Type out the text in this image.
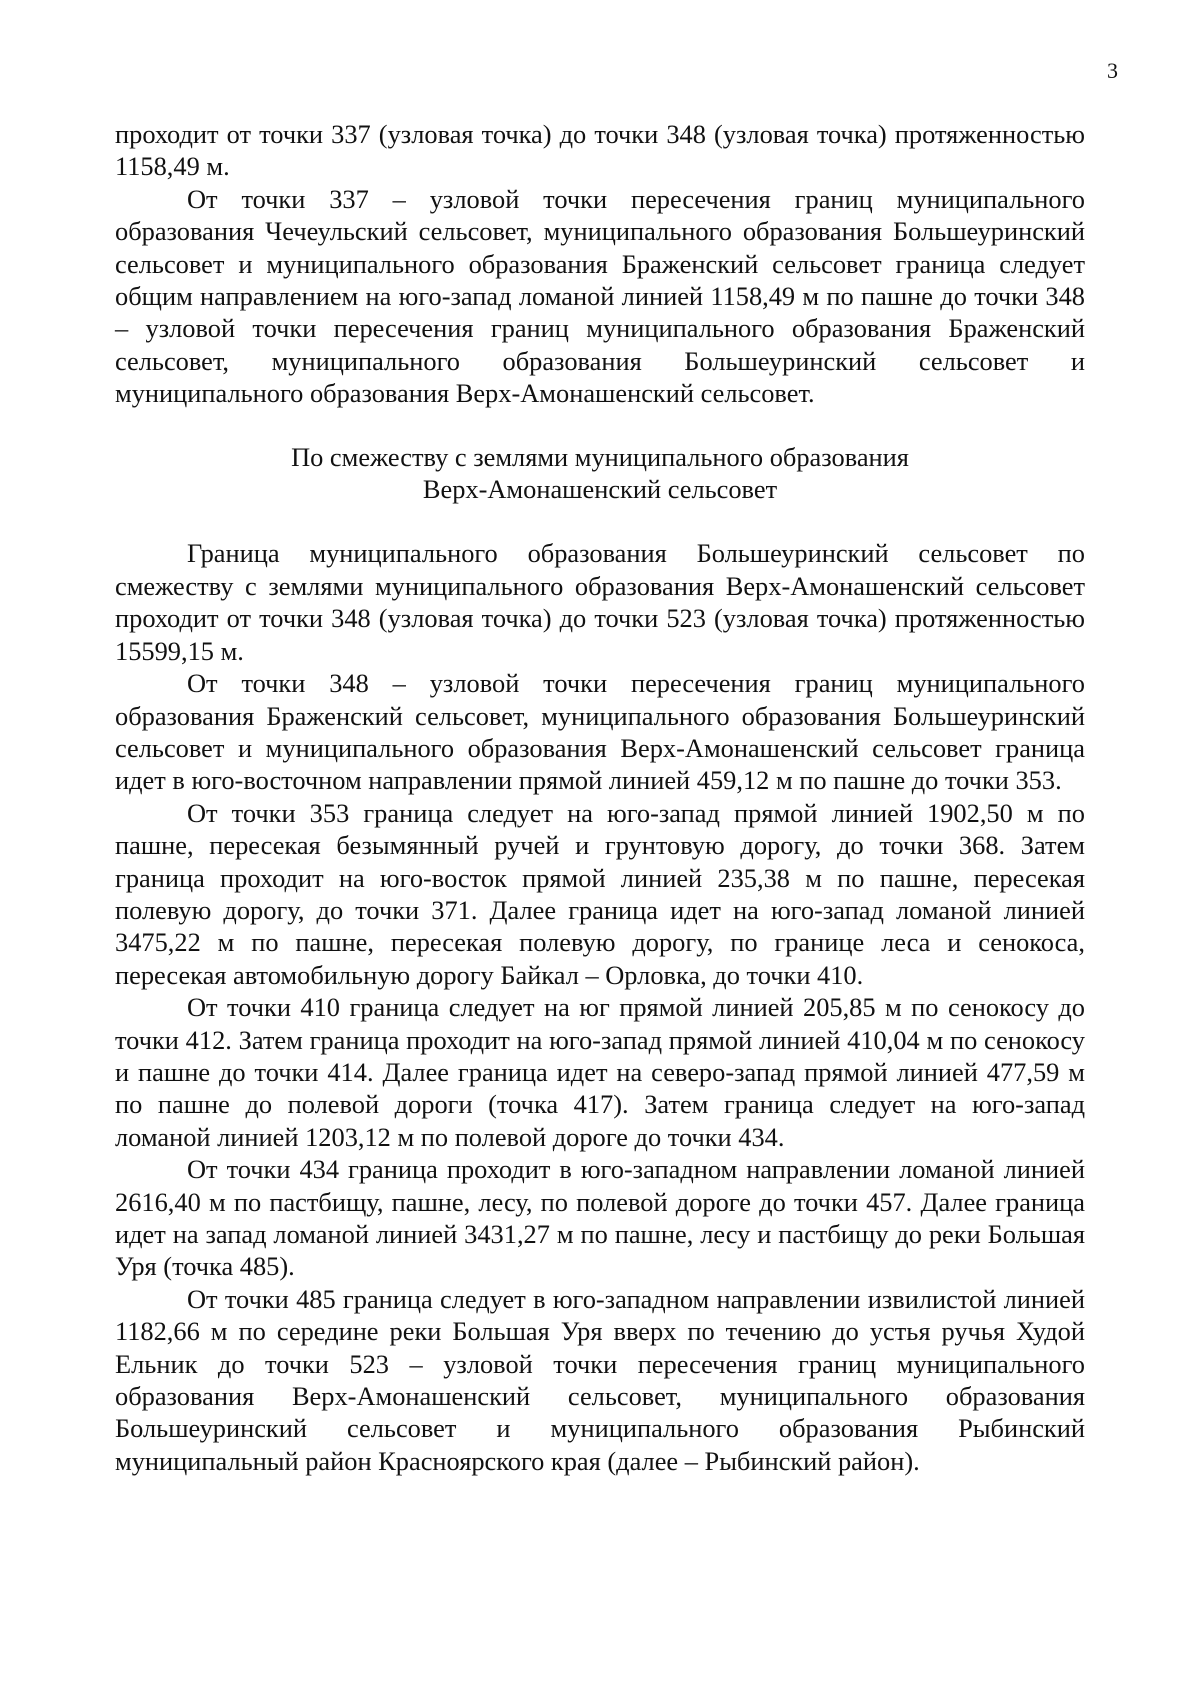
3

проходит от точки 337 (узловая точка) до точки 348 (узловая точка) протяженностью 1158,49 м.

От точки 337 – узловой точки пересечения границ муниципального образования Чечеульский сельсовет, муниципального образования Большеуринский сельсовет и муниципального образования Браженский сельсовет граница следует общим направлением на юго-запад ломаной линией 1158,49 м по пашне до точки 348 – узловой точки пересечения границ муниципального образования Браженский сельсовет, муниципального образования Большеуринский сельсовет и муниципального образования Верх-Амонашенский сельсовет.

По смежеству с землями муниципального образования
Верх-Амонашенский сельсовет

Граница муниципального образования Большеуринский сельсовет по смежеству с землями муниципального образования Верх-Амонашенский сельсовет проходит от точки 348 (узловая точка) до точки 523 (узловая точка) протяженностью 15599,15 м.

От точки 348 – узловой точки пересечения границ муниципального образования Браженский сельсовет, муниципального образования Большеуринский сельсовет и муниципального образования Верх-Амонашенский сельсовет граница идет в юго-восточном направлении прямой линией 459,12 м по пашне до точки 353.

От точки 353 граница следует на юго-запад прямой линией 1902,50 м по пашне, пересекая безымянный ручей и грунтовую дорогу, до точки 368. Затем граница проходит на юго-восток прямой линией 235,38 м по пашне, пересекая полевую дорогу, до точки 371. Далее граница идет на юго-запад ломаной линией 3475,22 м по пашне, пересекая полевую дорогу, по границе леса и сенокоса, пересекая автомобильную дорогу Байкал – Орловка, до точки 410.

От точки 410 граница следует на юг прямой линией 205,85 м по сенокосу до точки 412. Затем граница проходит на юго-запад прямой линией 410,04 м по сенокосу и пашне до точки 414. Далее граница идет на северо-запад прямой линией 477,59 м по пашне до полевой дороги (точка 417). Затем граница следует на юго-запад ломаной линией 1203,12 м по полевой дороге до точки 434.

От точки 434 граница проходит в юго-западном направлении ломаной линией 2616,40 м по пастбищу, пашне, лесу, по полевой дороге до точки 457. Далее граница идет на запад ломаной линией 3431,27 м по пашне, лесу и пастбищу до реки Большая Уря (точка 485).

От точки 485 граница следует в юго-западном направлении извилистой линией 1182,66 м по середине реки Большая Уря вверх по течению до устья ручья Худой Ельник до точки 523 – узловой точки пересечения границ муниципального образования Верх-Амонашенский сельсовет, муниципального образования Большеуринский сельсовет и муниципального образования Рыбинский муниципальный район Красноярского края (далее – Рыбинский район).
